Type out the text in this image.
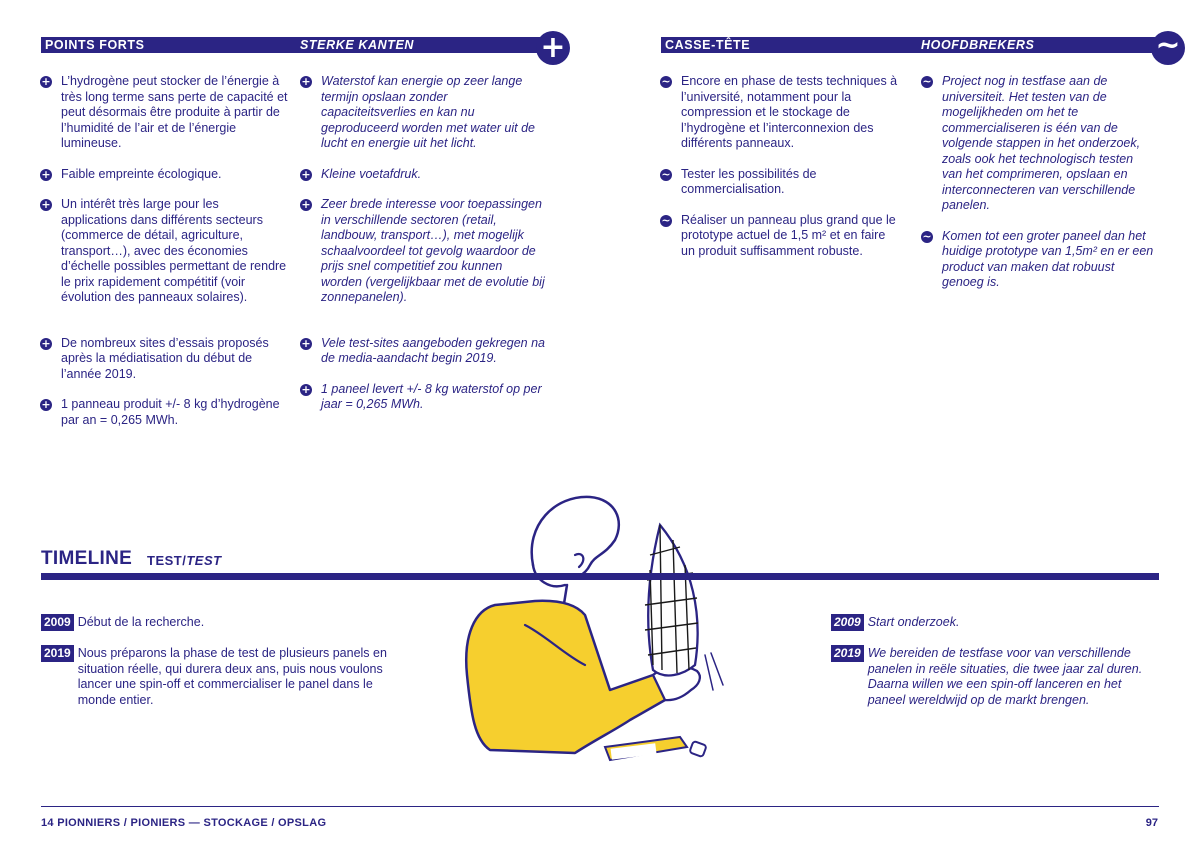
POINTS FORTS	STERKE KANTEN	+	CASSE-TÊTE	HOOFDBREKERS	~
+ L’hydrogène peut stocker de l’énergie à très long terme sans perte de capacité et peut désormais être produite à partir de l’humidité de l’air et de l’énergie lumineuse.
+ Faible empreinte écologique.
+ Un intérêt très large pour les applications dans différents secteurs (commerce de détail, agriculture, transport…), avec des économies d’échelle possibles permettant de rendre le prix rapidement compétitif (voir évolution des panneaux solaires).
+ De nombreux sites d’essais proposés après la médiatisation du début de l’année 2019.
+ 1 panneau produit +/- 8 kg d’hydrogène par an = 0,265 MWh.
+ Waterstof kan energie op zeer lange termijn opslaan zonder capaciteitsverlies en kan nu geproduceerd worden met water uit de lucht en energie uit het licht.
+ Kleine voetafdruk.
+ Zeer brede interesse voor toepassingen in verschillende sectoren (retail, landbouw, transport…), met mogelijk schaalvoordeel tot gevolg waardoor de prijs snel competitief zou kunnen worden (vergelijkbaar met de evolutie bij zonnepanelen).
+ Vele test-sites aangeboden gekregen na de media-aandacht begin 2019.
+ 1 paneel levert +/- 8 kg waterstof op per jaar = 0,265 MWh.
~ Encore en phase de tests techniques à l’université, notamment pour la compression et le stockage de l’hydrogène et l’interconnexion des différents panneaux.
~ Tester les possibilités de commercialisation.
~ Réaliser un panneau plus grand que le prototype actuel de 1,5 m² et en faire un produit suffisamment robuste.
~ Project nog in testfase aan de universiteit. Het testen van de mogelijkheden om het te commercialiseren is één van de volgende stappen in het onderzoek, zoals ook het technologisch testen van het comprimeren, opslaan en interconnecteren van verschillende panelen.
~ Komen tot een groter paneel dan het huidige prototype van 1,5m² en er een product van maken dat robuust genoeg is.
TIMELINE TEST/TEST
2009 Début de la recherche.
2019 Nous préparons la phase de test de plusieurs panels en situation réelle, qui durera deux ans, puis nous voulons lancer une spin-off et commercialiser le panel dans le monde entier.
2009 Start onderzoek.
2019 We bereiden de testfase voor van verschillende panelen in reële situaties, die twee jaar zal duren. Daarna willen we een spin-off lanceren en het paneel wereldwijd op de markt brengen.
14 PIONNIERS / PIONIERS — STOCKAGE / OPSLAG	97
